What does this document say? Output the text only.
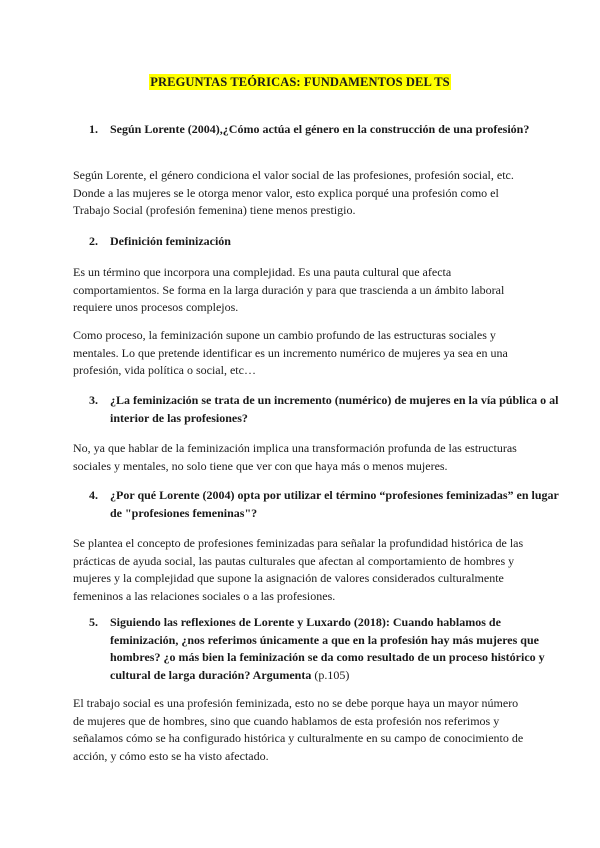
PREGUNTAS TEÓRICAS: FUNDAMENTOS DEL TS
1. Según Lorente (2004),¿Cómo actúa el género en la construcción de una profesión?
Según Lorente, el género condiciona el valor social de las profesiones, profesión social, etc. Donde a las mujeres se le otorga menor valor, esto explica porqué una profesión como el Trabajo Social (profesión femenina) tiene menos prestigio.
2. Definición feminización
Es un término que incorpora una complejidad. Es una pauta cultural que afecta comportamientos. Se forma en la larga duración y para que trascienda a un ámbito laboral requiere unos procesos complejos.
Como proceso, la feminización supone un cambio profundo de las estructuras sociales y mentales. Lo que pretende identificar es un incremento numérico de mujeres ya sea en una profesión, vida política o social, etc…
3. ¿La feminización se trata de un incremento (numérico) de mujeres en la vía pública o al interior de las profesiones?
No, ya que hablar de la feminización implica una transformación profunda de las estructuras sociales y mentales, no solo tiene que ver con que haya más o menos mujeres.
4. ¿Por qué Lorente (2004) opta por utilizar el término “profesiones feminizadas” en lugar de "profesiones femeninas"?
Se plantea el concepto de profesiones feminizadas para señalar la profundidad histórica de las prácticas de ayuda social, las pautas culturales que afectan al comportamiento de hombres y mujeres y la complejidad que supone la asignación de valores considerados culturalmente femeninos a las relaciones sociales o a las profesiones.
5. Siguiendo las reflexiones de Lorente y Luxardo (2018): Cuando hablamos de feminización, ¿nos referimos únicamente a que en la profesión hay más mujeres que hombres? ¿o más bien la feminización se da como resultado de un proceso histórico y cultural de larga duración? Argumenta (p.105)
El trabajo social es una profesión feminizada, esto no se debe porque haya un mayor número de mujeres que de hombres, sino que cuando hablamos de esta profesión nos referimos y señalamos cómo se ha configurado histórica y culturalmente en su campo de conocimiento de acción, y cómo esto se ha visto afectado.
